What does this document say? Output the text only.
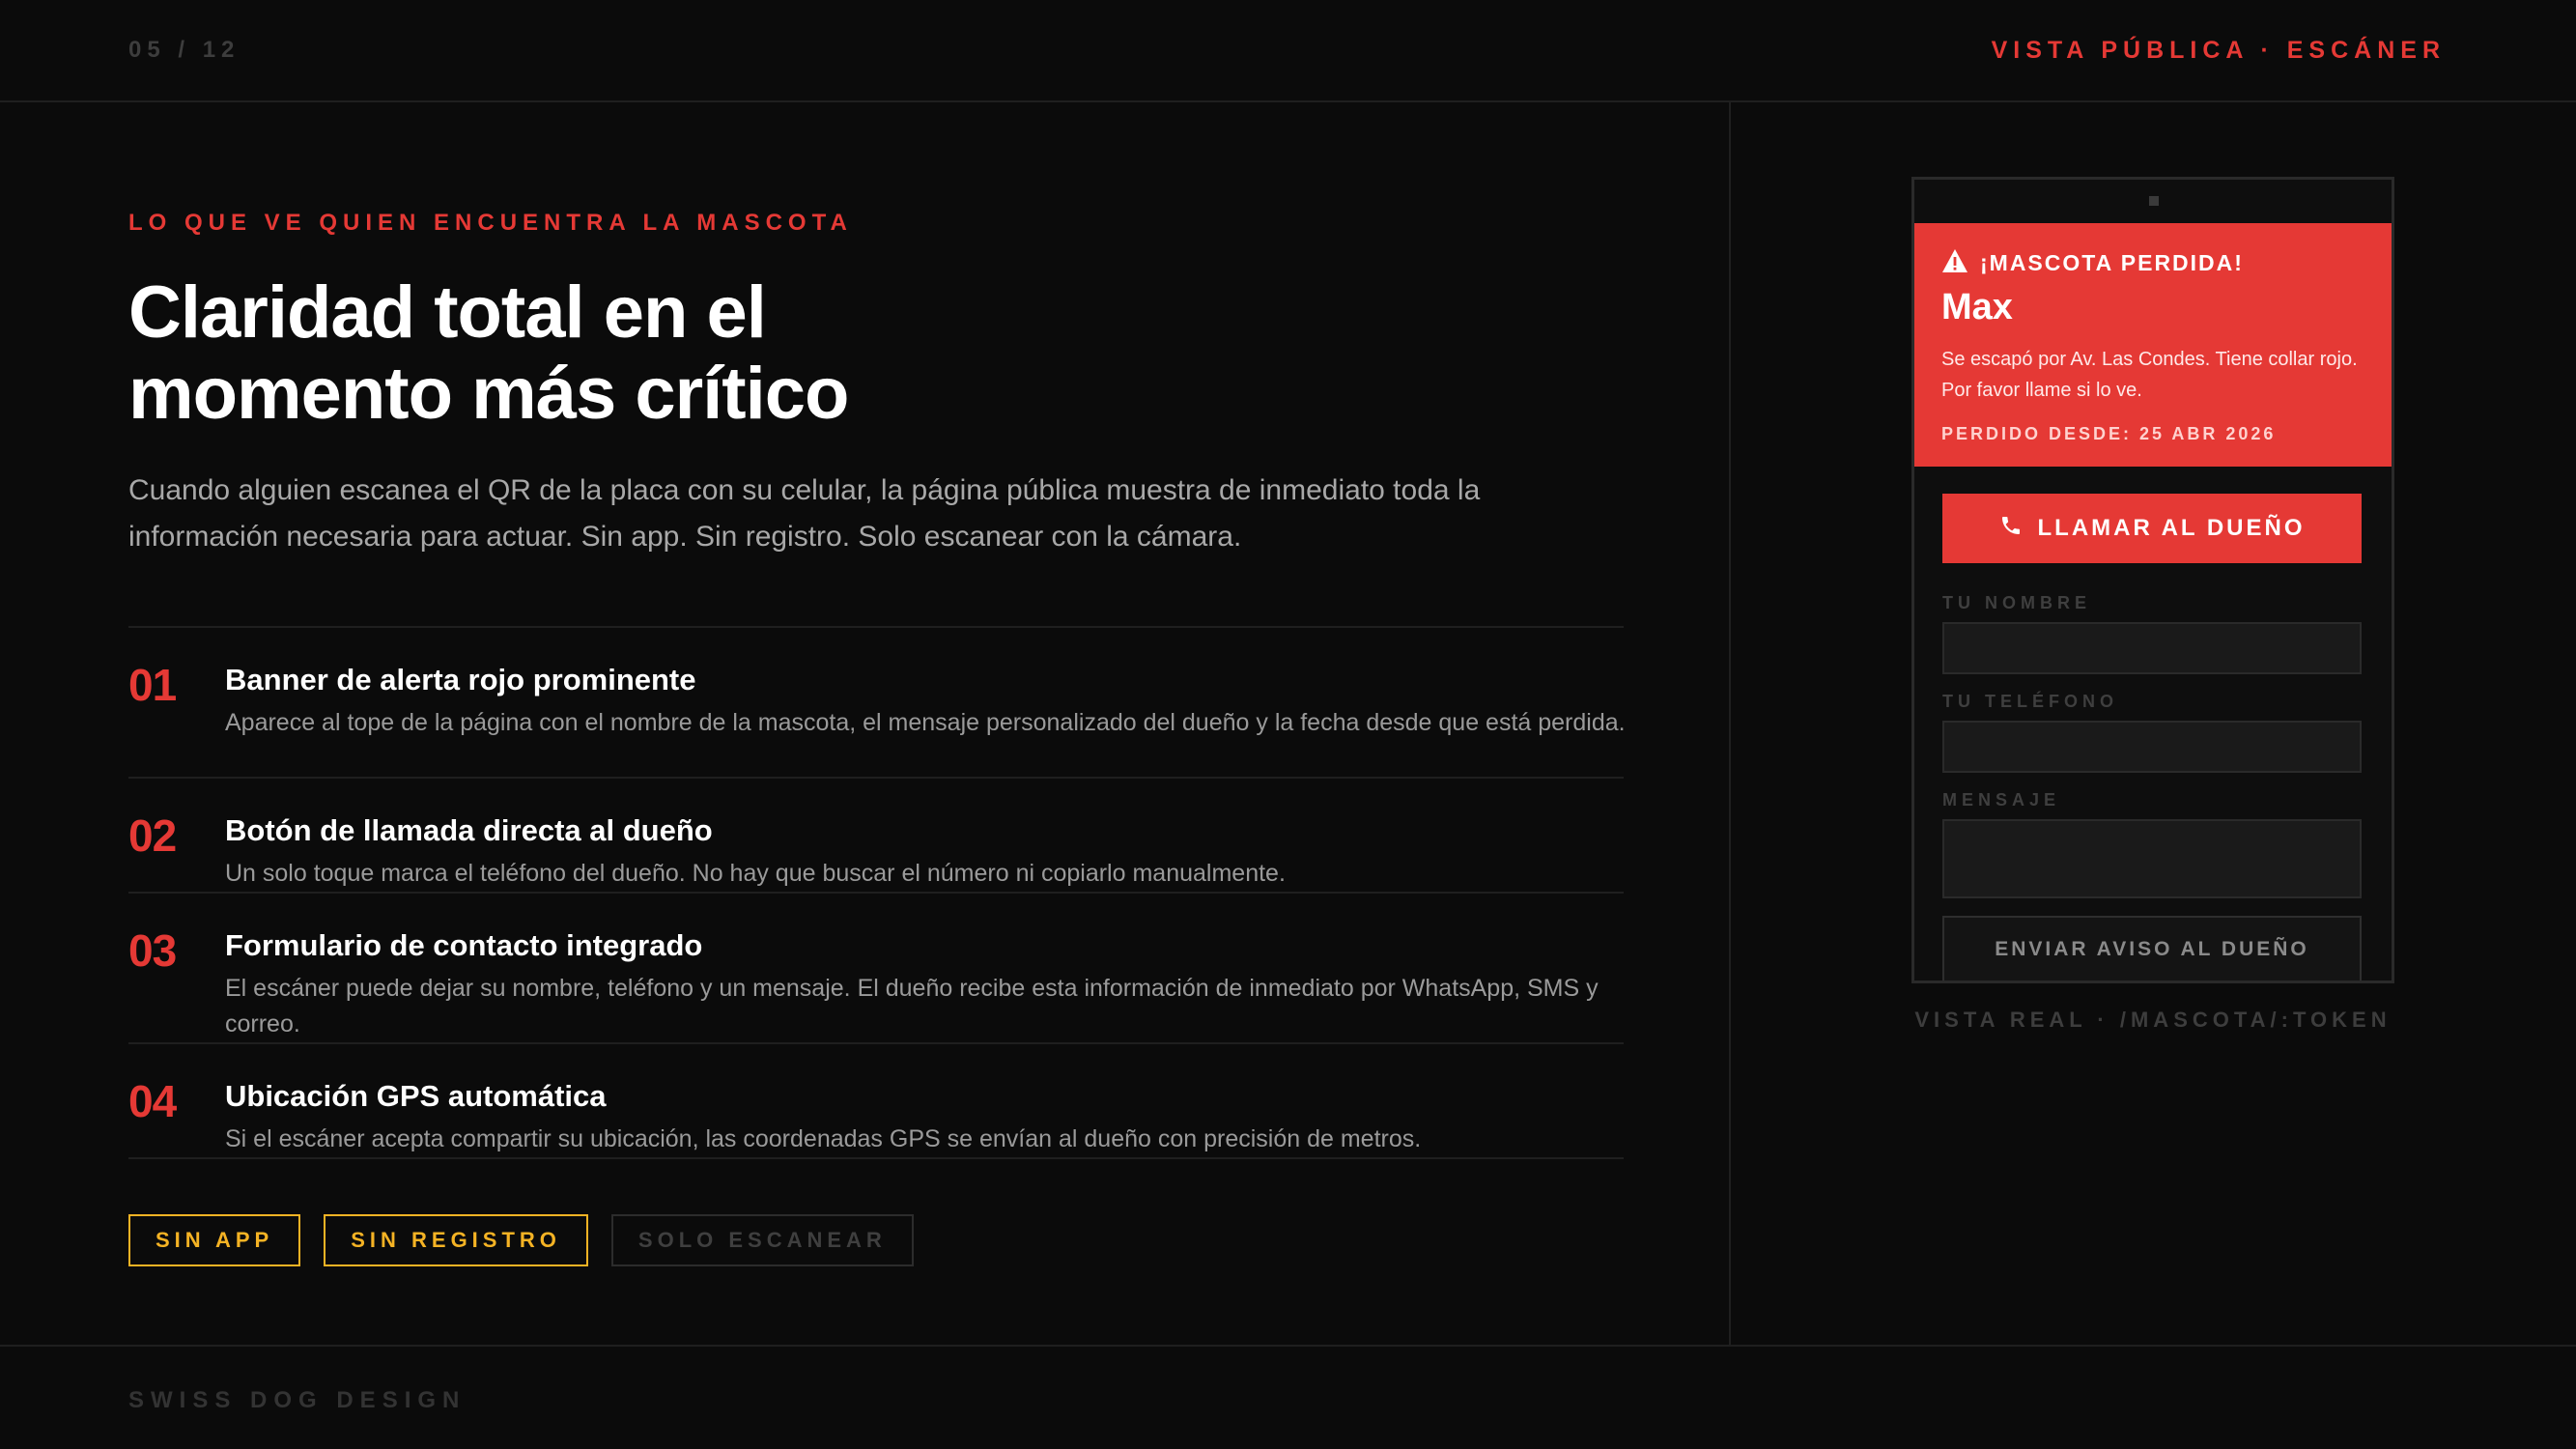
05 / 12	VISTA PÚBLICA · ESCÁNER
LO QUE VE QUIEN ENCUENTRA LA MASCOTA
Claridad total en el
momento más crítico
Cuando alguien escanea el QR de la placa con su celular, la página pública muestra de inmediato toda la información necesaria para actuar. Sin app. Sin registro. Solo escanear con la cámara.
01 Banner de alerta rojo prominente
Aparece al tope de la página con el nombre de la mascota, el mensaje personalizado del dueño y la fecha desde que está perdida.
02 Botón de llamada directa al dueño
Un solo toque marca el teléfono del dueño. No hay que buscar el número ni copiarlo manualmente.
03 Formulario de contacto integrado
El escáner puede dejar su nombre, teléfono y un mensaje. El dueño recibe esta información de inmediato por WhatsApp, SMS y correo.
04 Ubicación GPS automática
Si el escáner acepta compartir su ubicación, las coordenadas GPS se envían al dueño con precisión de metros.
SIN APP	SIN REGISTRO	SOLO ESCANEAR
¡MASCOTA PERDIDA!
Max
Se escapó por Av. Las Condes. Tiene collar rojo. Por favor llame si lo ve.
PERDIDO DESDE: 25 ABR 2026
LLAMAR AL DUEÑO
TU NOMBRE
TU TELÉFONO
MENSAJE
ENVIAR AVISO AL DUEÑO
VISTA REAL · /MASCOTA/:TOKEN
SWISS DOG DESIGN
